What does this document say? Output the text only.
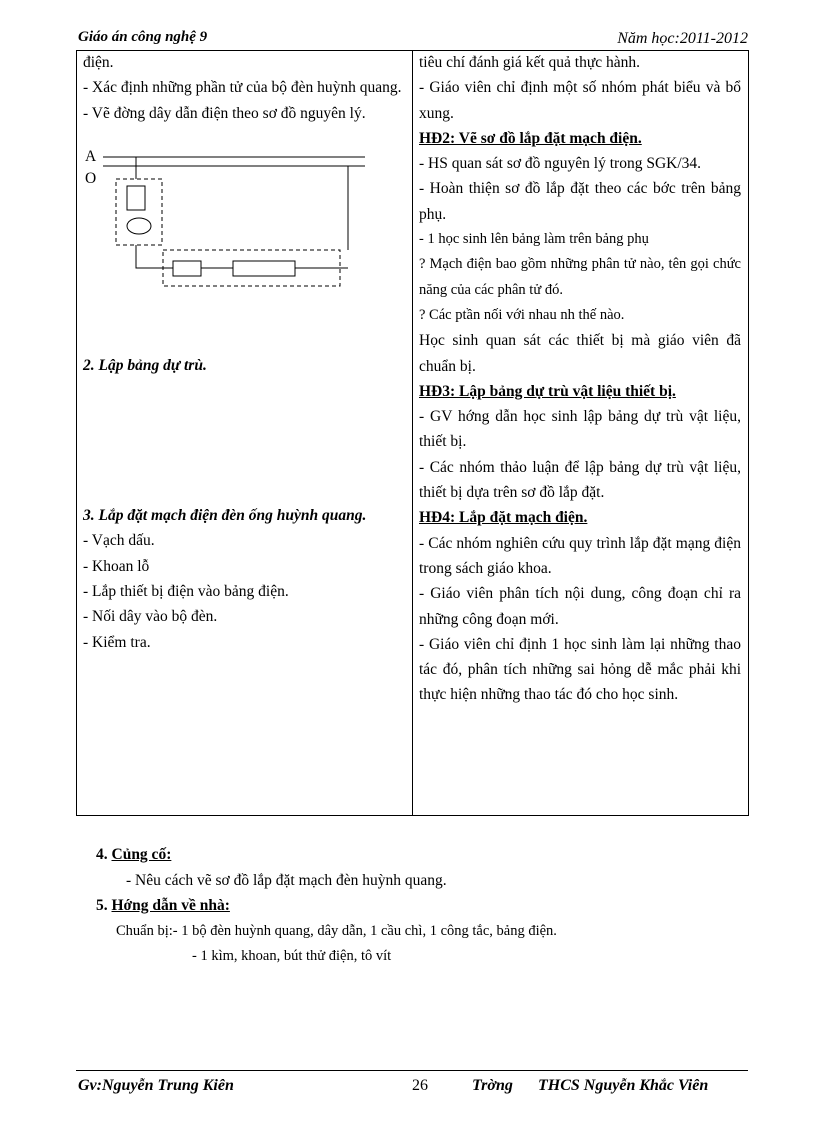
Giáo án công nghệ 9	Năm học:2011-2012

điện.

- Xác định những phần tử của bộ đèn huỳnh quang.

- Vẽ đờng dây dẫn điện theo sơ đồ nguyên lý.

A
O

2. Lập bảng dự trù.

3. Lắp đặt mạch điện đèn ống huỳnh quang.

- Vạch dấu.

- Khoan lỗ

- Lắp thiết bị điện vào bảng điện.

- Nối dây vào bộ đèn.

- Kiểm tra.

tiêu chí đánh giá kết quả thực hành.

- Giáo viên chỉ định một số nhóm phát biểu và bổ xung.

HĐ2: Vẽ sơ đồ lắp đặt mạch điện.

- HS quan sát sơ đồ nguyên lý trong SGK/34.

- Hoàn thiện sơ đồ lắp đặt theo các bớc trên bảng phụ.

- 1 học sinh lên bảng làm trên bảng phụ

? Mạch điện bao gồm những phân tử nào, tên gọi chức năng của các phân tử đó.

? Các ptần nối với nhau nh thế nào.

Học sinh quan sát các thiết bị mà giáo viên đã chuẩn bị.

HĐ3: Lập bảng dự trù vật liệu thiết bị.

- GV hớng dẫn học sinh lập bảng dự trù vật liệu, thiết bị.

- Các nhóm thảo luận để lập bảng dự trù vật liệu, thiết bị dựa trên sơ đồ lắp đặt.

HĐ4: Lắp đặt mạch điện.

- Các nhóm nghiên cứu quy trình lắp đặt mạng điện trong sách giáo khoa.

- Giáo viên phân tích nội dung, công đoạn chỉ ra những công đoạn mới.

- Giáo viên chỉ định 1 học sinh làm lại những thao tác đó, phân tích những sai hỏng dễ mắc phải khi thực hiện những thao tác đó cho học sinh.

4. Củng cố:

- Nêu cách vẽ sơ đồ lắp đặt mạch đèn huỳnh quang.

5. Hớng dẫn về nhà:

Chuẩn bị:- 1 bộ đèn huỳnh quang, dây dẫn, 1 cầu chì, 1 công tắc, bảng điện.

- 1 kìm, khoan, bút thử điện, tô vít

Gv:Nguyễn Trung Kiên	26	Trờng THCS Nguyễn Khắc Viên
